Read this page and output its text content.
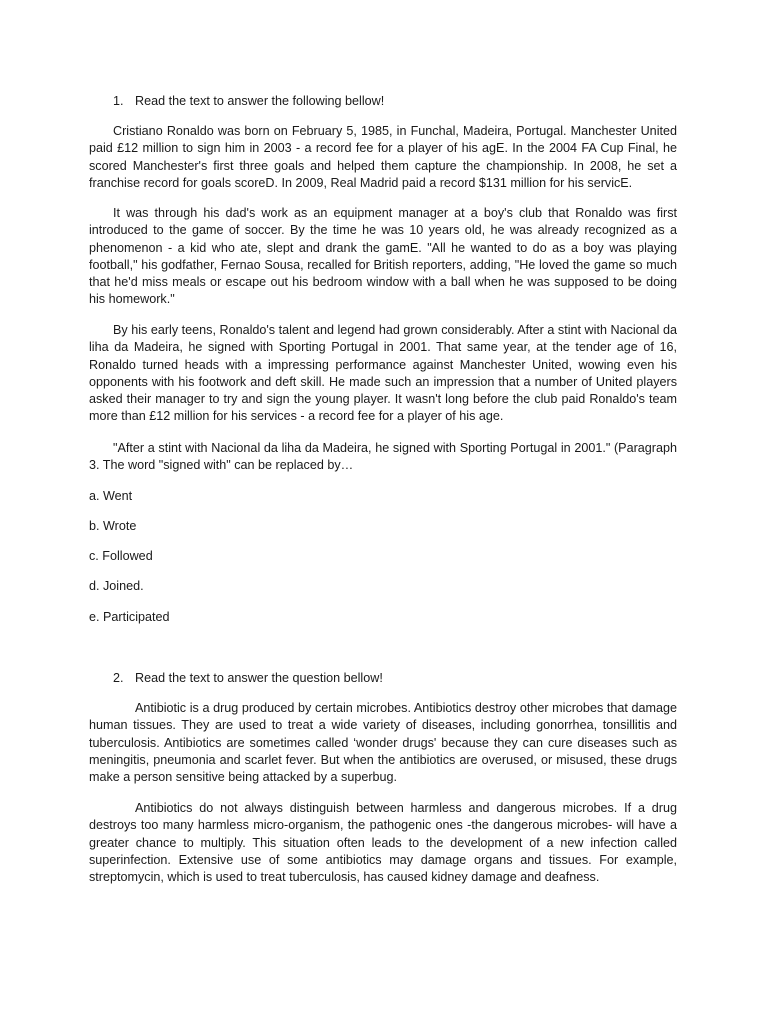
1. Read the text to answer the following bellow!

Cristiano Ronaldo was born on February 5, 1985, in Funchal, Madeira, Portugal. Manchester United paid £12 million to sign him in 2003 - a record fee for a player of his agE. In the 2004 FA Cup Final, he scored Manchester's first three goals and helped them capture the championship. In 2008, he set a franchise record for goals scoreD. In 2009, Real Madrid paid a record $131 million for his servicE.

It was through his dad's work as an equipment manager at a boy's club that Ronaldo was first introduced to the game of soccer. By the time he was 10 years old, he was already recognized as a phenomenon - a kid who ate, slept and drank the gamE. "All he wanted to do as a boy was playing football," his godfather, Fernao Sousa, recalled for British reporters, adding, "He loved the game so much that he'd miss meals or escape out his bedroom window with a ball when he was supposed to be doing his homework."

By his early teens, Ronaldo's talent and legend had grown considerably. After a stint with Nacional da liha da Madeira, he signed with Sporting Portugal in 2001. That same year, at the tender age of 16, Ronaldo turned heads with a impressing performance against Manchester United, wowing even his opponents with his footwork and deft skill. He made such an impression that a number of United players asked their manager to try and sign the young player. It wasn't long before the club paid Ronaldo's team more than £12 million for his services - a record fee for a player of his age.

"After a stint with Nacional da liha da Madeira, he signed with Sporting Portugal in 2001." (Paragraph 3. The word "signed with" can be replaced by…

a. Went

b. Wrote

c. Followed

d. Joined.

e. Participated

2. Read the text to answer the question bellow!

Antibiotic is a drug produced by certain microbes. Antibiotics destroy other microbes that damage human tissues. They are used to treat a wide variety of diseases, including gonorrhea, tonsillitis and tuberculosis. Antibiotics are sometimes called ‘wonder drugs' because they can cure diseases such as meningitis, pneumonia and scarlet fever. But when the antibiotics are overused, or misused, these drugs make a person sensitive being attacked by a superbug.

Antibiotics do not always distinguish between harmless and dangerous microbes. If a drug destroys too many harmless micro-organism, the pathogenic ones -the dangerous microbes- will have a greater chance to multiply. This situation often leads to the development of a new infection called superinfection. Extensive use of some antibiotics may damage organs and tissues. For example, streptomycin, which is used to treat tuberculosis, has caused kidney damage and deafness.
